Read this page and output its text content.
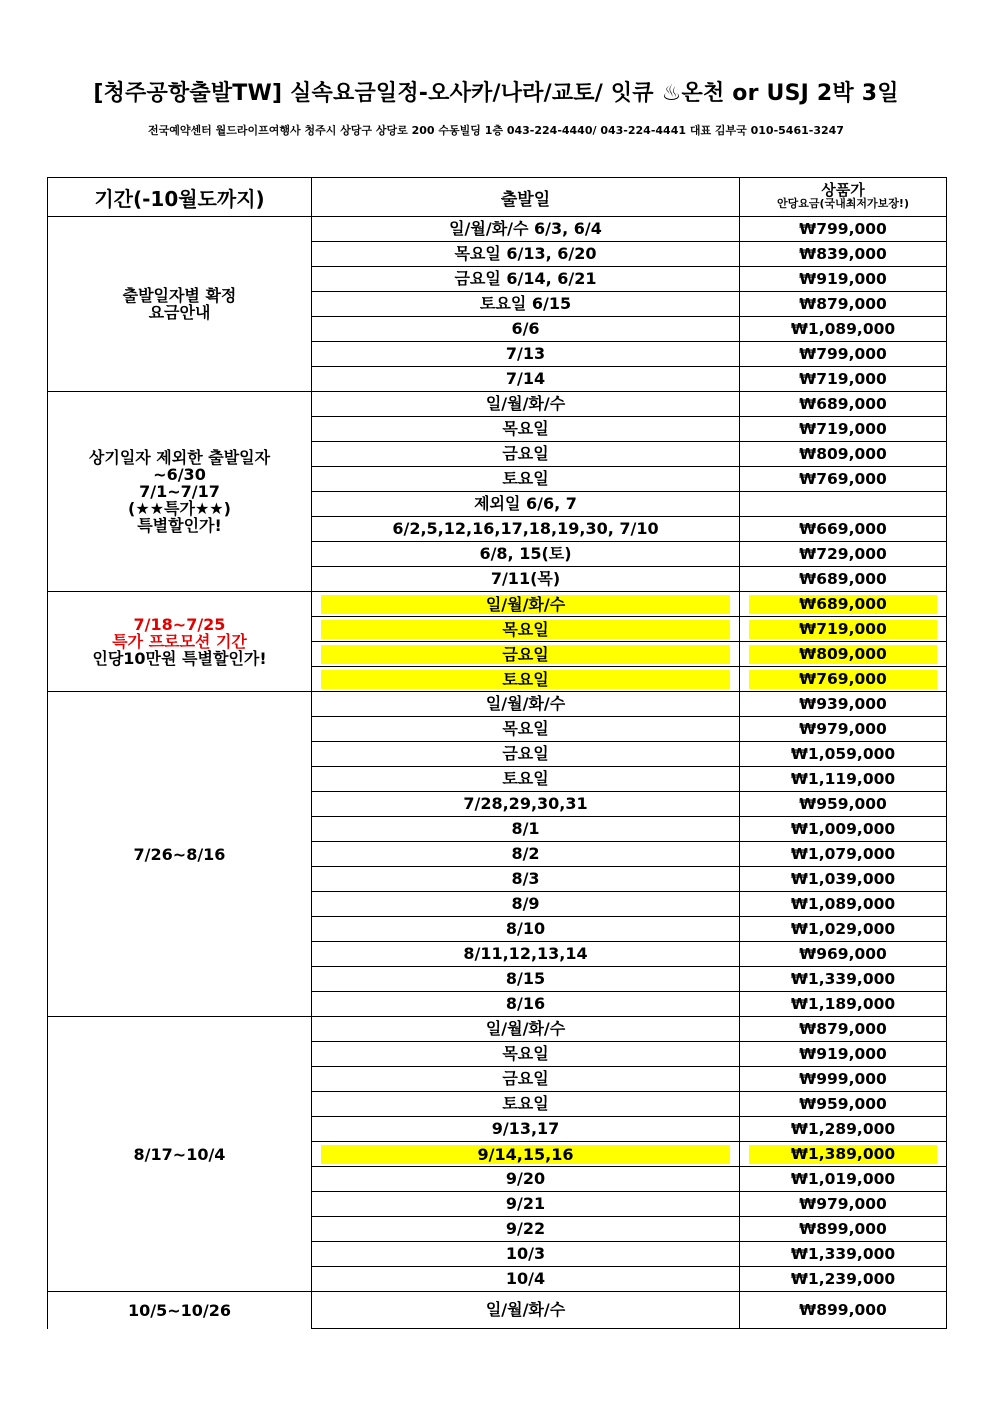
[청주공항출발TW] 실속요금일정-오사카/나라/교토/ 잇큐 ♨온천 or USJ 2박 3일
전국예약센터 월드라이프여행사 청주시 상당구 상당로 200 수동빌딩 1층 043-224-4440/ 043-224-4441 대표 김부국 010-5461-3247
기간(-10월도까지)	출발일	상품가
안당요금(국내최저가보장!)

출발일자별 확정
요금안내	일/월/화/수 6/3, 6/4	₩799,000
	목요일 6/13, 6/20	₩839,000
	금요일 6/14, 6/21	₩919,000
	토요일 6/15	₩879,000
	6/6	₩1,089,000
	7/13	₩799,000
	7/14	₩719,000

상기일자 제외한 출발일자
~6/30
7/1~7/17
(★★특가★★)
특별할인가!	일/월/화/수	₩689,000
	목요일	₩719,000
	금요일	₩809,000
	토요일	₩769,000
	제외일 6/6, 7	
	6/2,5,12,16,17,18,19,30, 7/10	₩669,000
	6/8, 15(토)	₩729,000
	7/11(목)	₩689,000

7/18~7/25
특가 프로모션 기간
인당10만원 특별할인가!	일/월/화/수	₩689,000

	목요일	₩719,000

	금요일	₩809,000

	토요일	₩769,000

7/26~8/16	일/월/화/수	₩939,000
	목요일	₩979,000
	금요일	₩1,059,000
	토요일	₩1,119,000
	7/28,29,30,31	₩959,000
	8/1	₩1,009,000
	8/2	₩1,079,000
	8/3	₩1,039,000
	8/9	₩1,089,000
	8/10	₩1,029,000
	8/11,12,13,14	₩969,000
	8/15	₩1,339,000
	8/16	₩1,189,000

8/17~10/4	일/월/화/수	₩879,000
	목요일	₩919,000
	금요일	₩999,000
	토요일	₩959,000
	9/13,17	₩1,289,000

	9/14,15,16	₩1,389,000

	9/20	₩1,019,000
	9/21	₩979,000
	9/22	₩899,000
	10/3	₩1,339,000
	10/4	₩1,239,000

10/5~10/26	일/월/화/수	₩899,000
